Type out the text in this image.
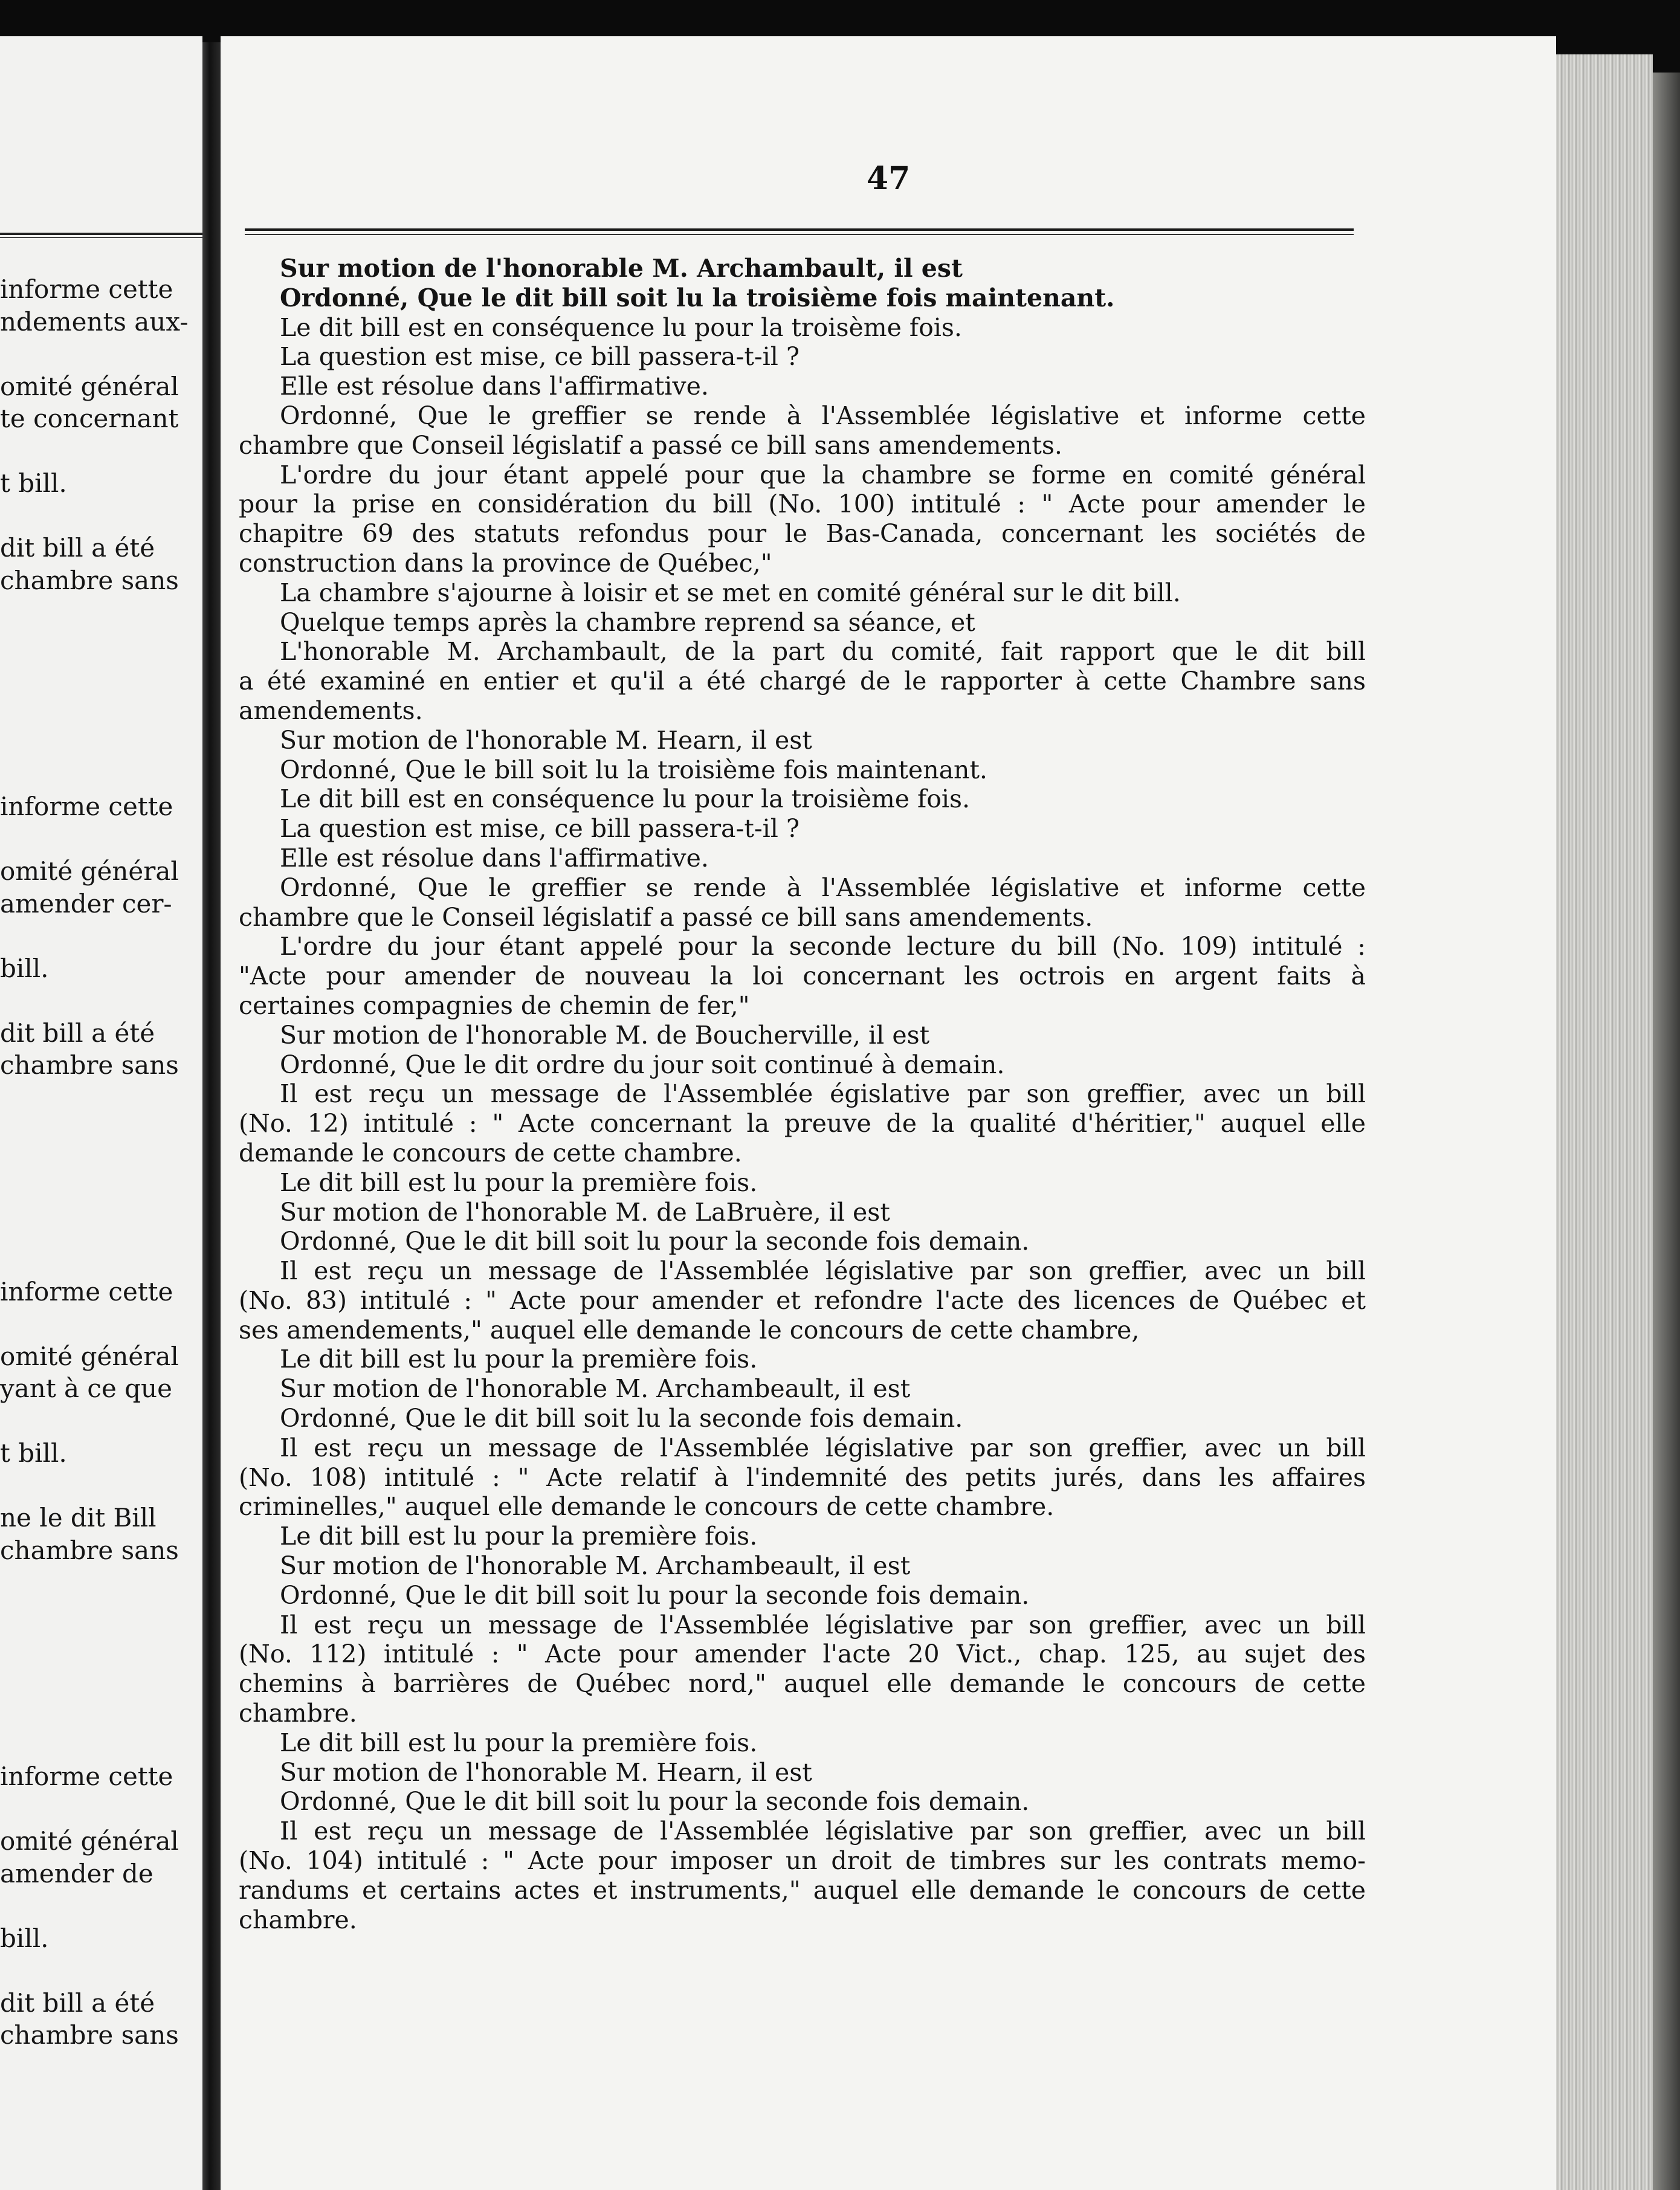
informe cette
ndements aux-
omité général
te concernant
t bill.
dit bill a été
chambre sans
informe cette
omité général
amender cer-
bill.
dit bill a été
chambre sans
informe cette
omité général
yant à ce que
t bill.
ne le dit Bill
chambre sans
informe cette
omité général
amender de
bill.
dit bill a été
chambre sans
47
Sur motion de l'honorable M. Archambault, il est
Ordonné, Que le dit bill soit lu la troisième fois maintenant.
Le dit bill est en conséquence lu pour la troisème fois.
La question est mise, ce bill passera-t-il ?
Elle est résolue dans l'affirmative.
Ordonné, Que le greffier se rende à l'Assemblée législative et informe cette
chambre que Conseil législatif a passé ce bill sans amendements.
L'ordre du jour étant appelé pour que la chambre se forme en comité général
pour la prise en considération du bill (No. 100) intitulé : " Acte pour amender le
chapitre 69 des statuts refondus pour le Bas-Canada, concernant les sociétés de
construction dans la province de Québec,"
La chambre s'ajourne à loisir et se met en comité général sur le dit bill.
Quelque temps après la chambre reprend sa séance, et
L'honorable M. Archambault, de la part du comité, fait rapport que le dit bill
a été examiné en entier et qu'il a été chargé de le rapporter à cette Chambre sans
amendements.
Sur motion de l'honorable M. Hearn, il est
Ordonné, Que le bill soit lu la troisième fois maintenant.
Le dit bill est en conséquence lu pour la troisième fois.
La question est mise, ce bill passera-t-il ?
Elle est résolue dans l'affirmative.
Ordonné, Que le greffier se rende à l'Assemblée législative et informe cette
chambre que le Conseil législatif a passé ce bill sans amendements.
L'ordre du jour étant appelé pour la seconde lecture du bill (No. 109) intitulé :
"Acte pour amender de nouveau la loi concernant les octrois en argent faits à
certaines compagnies de chemin de fer,"
Sur motion de l'honorable M. de Boucherville, il est
Ordonné, Que le dit ordre du jour soit continué à demain.
Il est reçu un message de l'Assemblée égislative par son greffier, avec un bill
(No. 12) intitulé : " Acte concernant la preuve de la qualité d'héritier," auquel elle
demande le concours de cette chambre.
Le dit bill est lu pour la première fois.
Sur motion de l'honorable M. de LaBruère, il est
Ordonné, Que le dit bill soit lu pour la seconde fois demain.
Il est reçu un message de l'Assemblée législative par son greffier, avec un bill
(No. 83) intitulé : " Acte pour amender et refondre l'acte des licences de Québec et
ses amendements," auquel elle demande le concours de cette chambre,
Le dit bill est lu pour la première fois.
Sur motion de l'honorable M. Archambeault, il est
Ordonné, Que le dit bill soit lu la seconde fois demain.
Il est reçu un message de l'Assemblée législative par son greffier, avec un bill
(No. 108) intitulé : " Acte relatif à l'indemnité des petits jurés, dans les affaires
criminelles," auquel elle demande le concours de cette chambre.
Le dit bill est lu pour la première fois.
Sur motion de l'honorable M. Archambeault, il est
Ordonné, Que le dit bill soit lu pour la seconde fois demain.
Il est reçu un message de l'Assemblée législative par son greffier, avec un bill
(No. 112) intitulé : " Acte pour amender l'acte 20 Vict., chap. 125, au sujet des
chemins à barrières de Québec nord," auquel elle demande le concours de cette
chambre.
Le dit bill est lu pour la première fois.
Sur motion de l'honorable M. Hearn, il est
Ordonné, Que le dit bill soit lu pour la seconde fois demain.
Il est reçu un message de l'Assemblée législative par son greffier, avec un bill
(No. 104) intitulé : " Acte pour imposer un droit de timbres sur les contrats memo-
randums et certains actes et instruments," auquel elle demande le concours de cette
chambre.
